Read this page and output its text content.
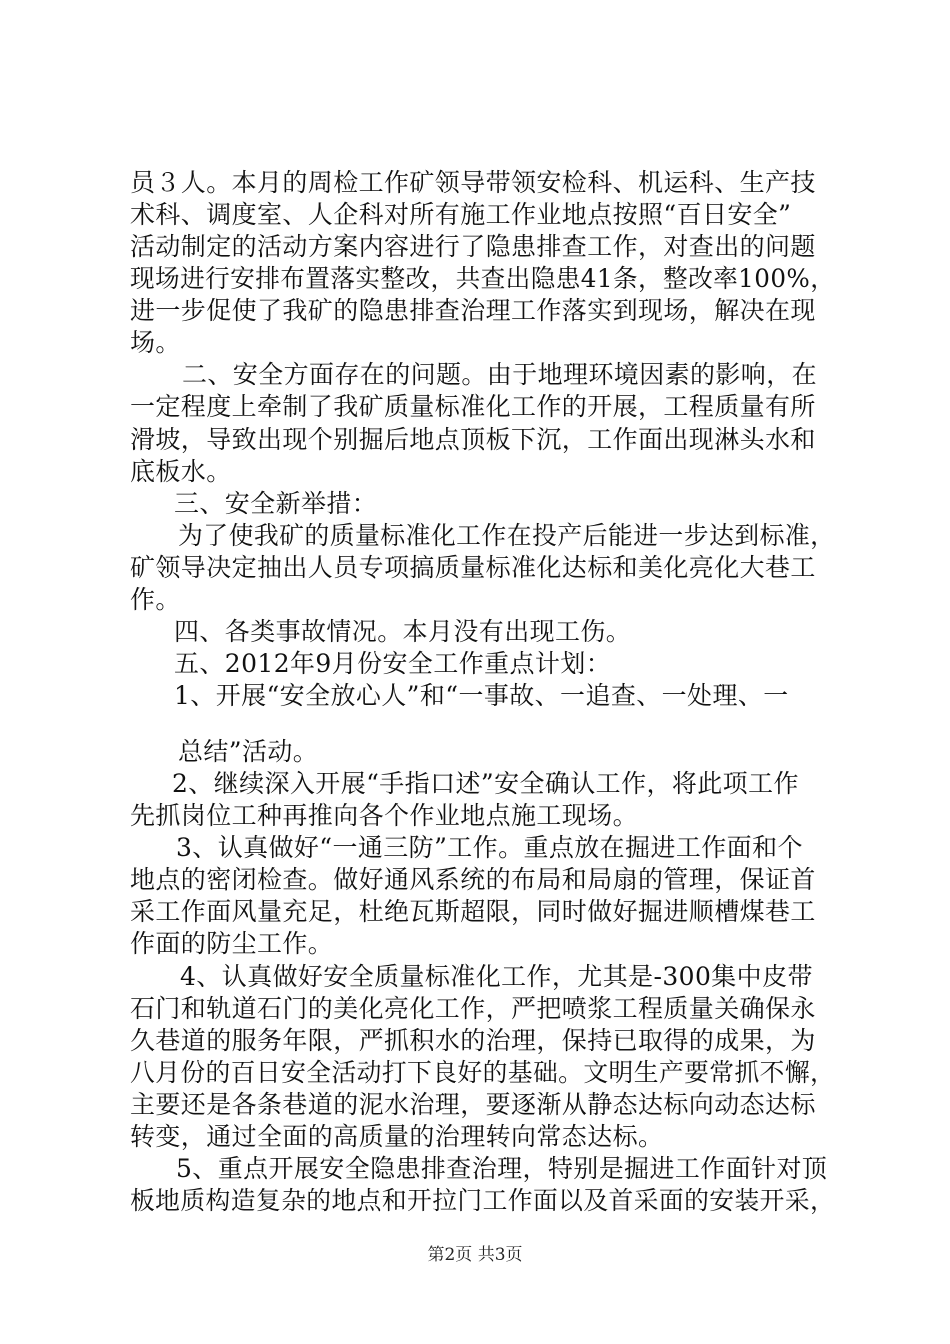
员３人。本月的周检工作矿领导带领安检科、机运科、生产技
术科、调度室、人企科对所有施工作业地点按照“百日安全”
活动制定的活动方案内容进行了隐患排查工作，对查出的问题
现场进行安排布置落实整改，共查出隐患41条，整改率100%，
进一步促使了我矿的隐患排查治理工作落实到现场，解决在现
场。
二、安全方面存在的问题。由于地理环境因素的影响，在
一定程度上牵制了我矿质量标准化工作的开展，工程质量有所
滑坡，导致出现个别掘后地点顶板下沉，工作面出现淋头水和
底板水。
三、安全新举措：
为了使我矿的质量标准化工作在投产后能进一步达到标准，
矿领导决定抽出人员专项搞质量标准化达标和美化亮化大巷工
作。
四、各类事故情况。本月没有出现工伤。
五、2012年9月份安全工作重点计划：
1、开展“安全放心人”和“一事故、一追查、一处理、一
总结”活动。
2、继续深入开展“手指口述”安全确认工作，将此项工作
先抓岗位工种再推向各个作业地点施工现场。
3、认真做好“一通三防”工作。重点放在掘进工作面和个
地点的密闭检查。做好通风系统的布局和局扇的管理，保证首
采工作面风量充足，杜绝瓦斯超限，同时做好掘进顺槽煤巷工
作面的防尘工作。
4、认真做好安全质量标准化工作，尤其是-300集中皮带
石门和轨道石门的美化亮化工作，严把喷浆工程质量关确保永
久巷道的服务年限，严抓积水的治理，保持已取得的成果，为
八月份的百日安全活动打下良好的基础。文明生产要常抓不懈，
主要还是各条巷道的泥水治理，要逐渐从静态达标向动态达标
转变，通过全面的高质量的治理转向常态达标。
5、重点开展安全隐患排查治理，特别是掘进工作面针对顶
板地质构造复杂的地点和开拉门工作面以及首采面的安装开采，
第2页 共3页
